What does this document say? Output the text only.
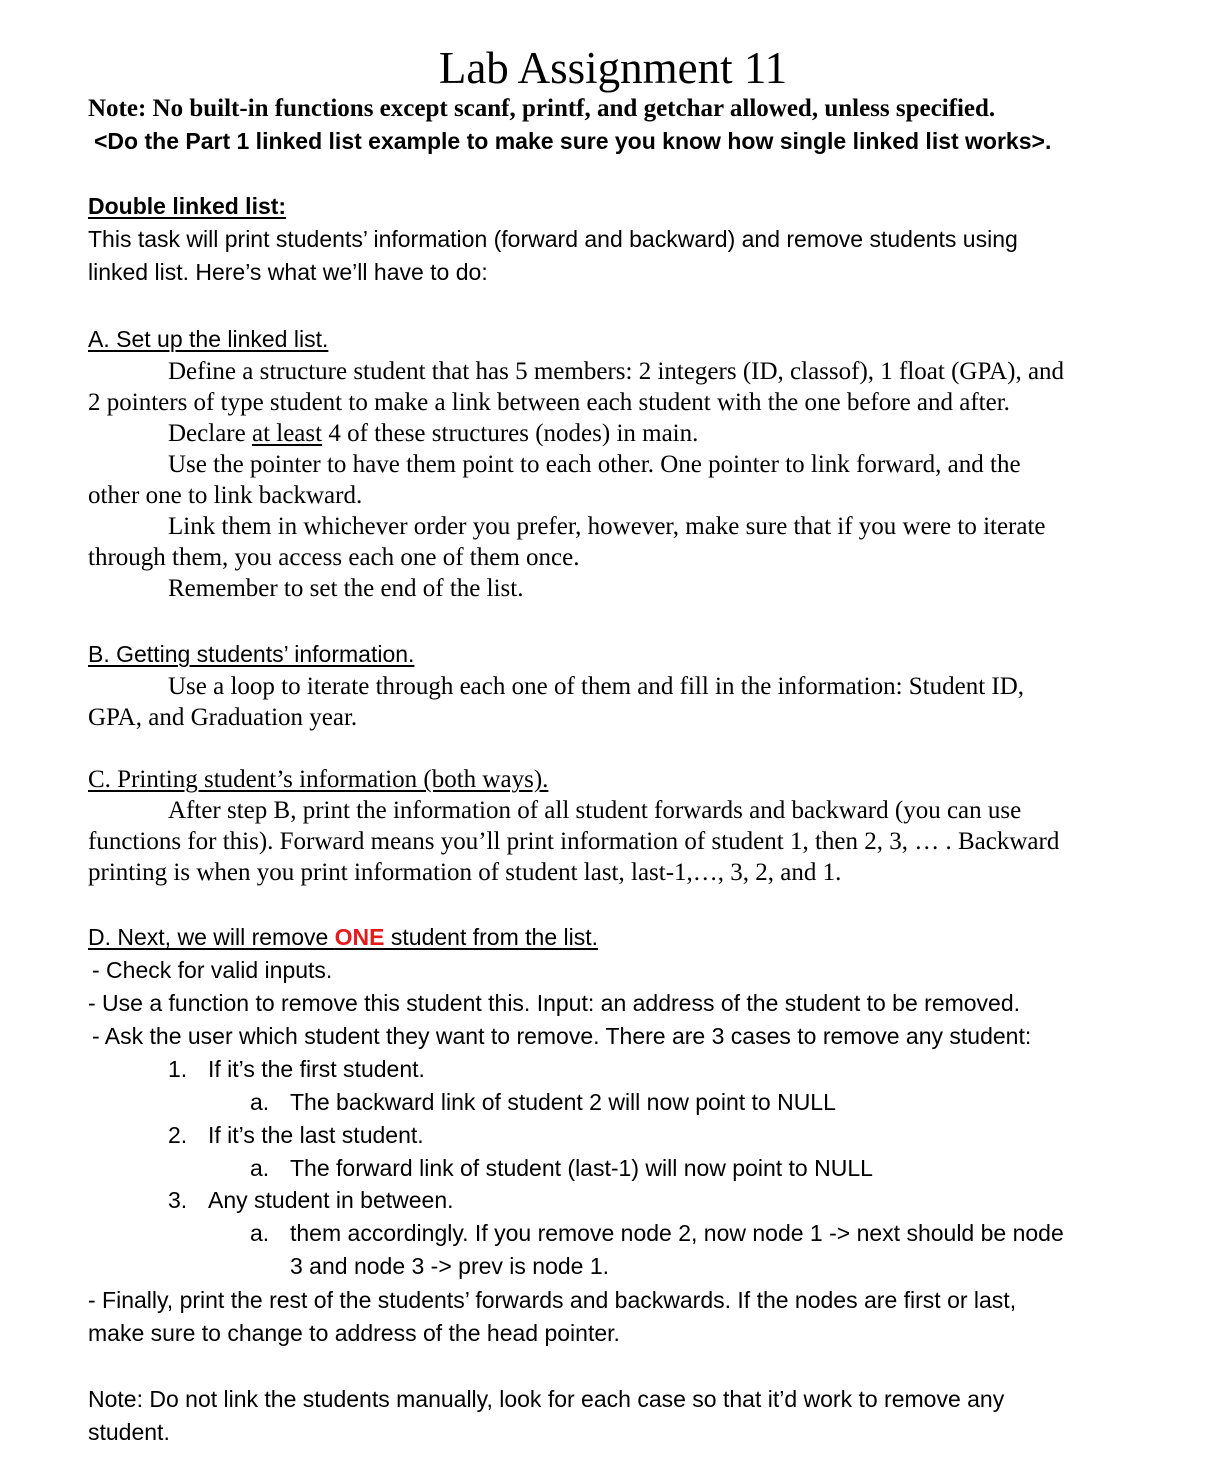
Lab Assignment 11
Note: No built-in functions except scanf, printf, and getchar allowed, unless specified.
<Do the Part 1 linked list example to make sure you know how single linked list works>.
Double linked list:
This task will print students’ information (forward and backward) and remove students using
linked list. Here’s what we’ll have to do:
A. Set up the linked list.
Define a structure student that has 5 members: 2 integers (ID, classof), 1 float (GPA), and
2 pointers of type student to make a link between each student with the one before and after.
Declare at least 4 of these structures (nodes) in main.
Use the pointer to have them point to each other. One pointer to link forward, and the
other one to link backward.
Link them in whichever order you prefer, however, make sure that if you were to iterate
through them, you access each one of them once.
Remember to set the end of the list.
B. Getting students’ information.
Use a loop to iterate through each one of them and fill in the information: Student ID,
GPA, and Graduation year.
C. Printing student’s information (both ways).
After step B, print the information of all student forwards and backward (you can use
functions for this). Forward means you’ll print information of student 1, then 2, 3, … . Backward
printing is when you print information of student last, last-1,…, 3, 2, and 1.
D. Next, we will remove ONE student from the list.
- Check for valid inputs.
- Use a function to remove this student this. Input: an address of the student to be removed.
- Ask the user which student they want to remove. There are 3 cases to remove any student:
1. If it’s the first student.
a. The backward link of student 2 will now point to NULL
2. If it’s the last student.
a. The forward link of student (last-1) will now point to NULL
3. Any student in between.
a. them accordingly. If you remove node 2, now node 1 -> next should be node
3 and node 3 -> prev is node 1.
- Finally, print the rest of the students’ forwards and backwards. If the nodes are first or last,
make sure to change to address of the head pointer.
Note: Do not link the students manually, look for each case so that it’d work to remove any
student.
